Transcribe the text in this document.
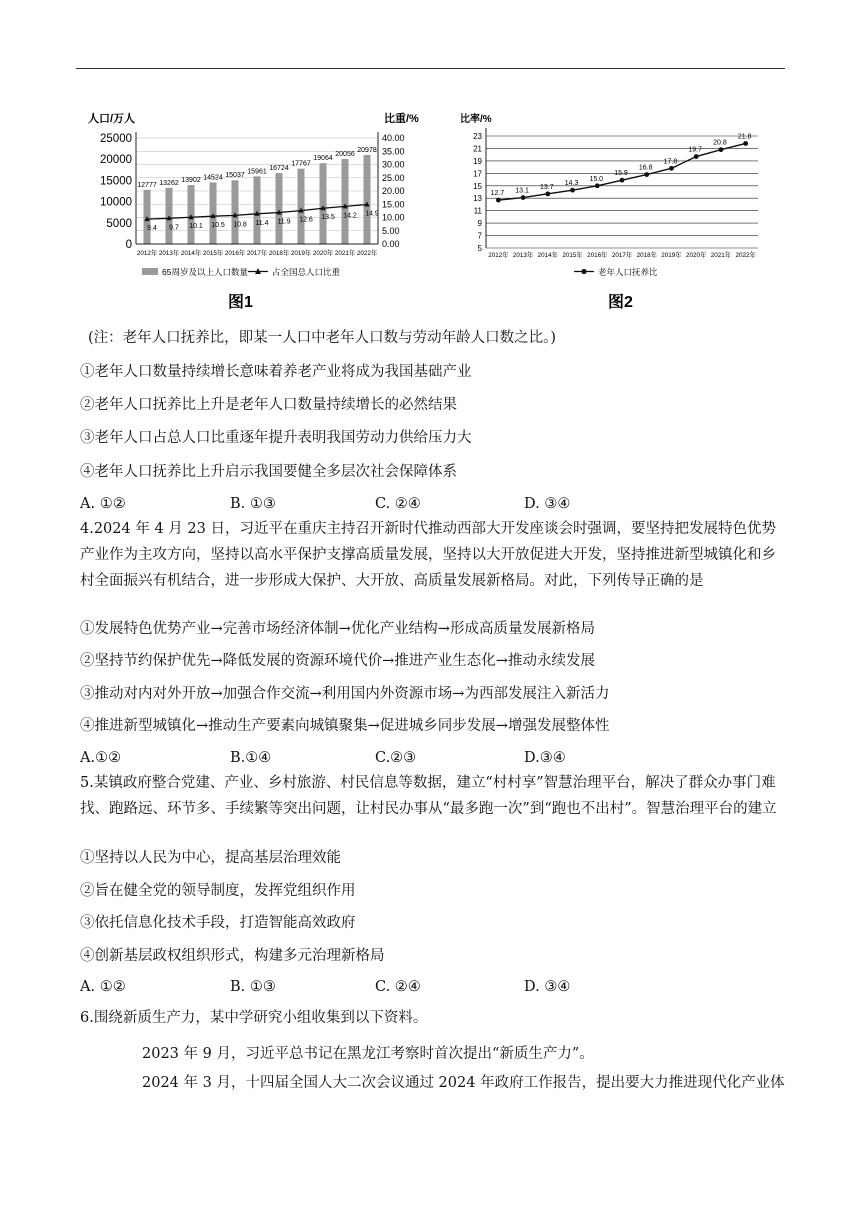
人口/万人	比重/%
12777
2012年
13262
2013年
13902
2014年
14524
2015年
15037
2016年
15961
2017年
16724
2018年
17767
2019年
19064
2020年
20056
2021年
20978
2022年
9.4 9.7 10.1 10.5 10.8 11.4 11.9 12.6 13.5 14.2 14.9
0
5000
10000
15000
20000
25000
0.00
5.00
10.00
15.00
20.00
25.00
30.00
35.00
40.00
65周岁及以上人口数量	占全国总人口比重
图1
比率/%
12.7
2012年
13.1
2013年
13.7
2014年
14.3
2015年
15.0
2016年
15.9
2017年
16.8
2018年
17.8
2019年
19.7
2020年
20.8
2021年
21.8
2022年
5
7
9
11
13
15
17
19
21
23
老年人口抚养比
图2
(注：老年人口抚养比，即某一人口中老年人口数与劳动年龄人口数之比。)
①老年人口数量持续增长意味着养老产业将成为我国基础产业
②老年人口抚养比上升是老年人口数量持续增长的必然结果
③老年人口占总人口比重逐年提升表明我国劳动力供给压力大
④老年人口抚养比上升启示我国要健全多层次社会保障体系
A. ①②	B. ①③	C. ②④	D. ③④
4.2024 年 4 月 23 日，习近平在重庆主持召开新时代推动西部大开发座谈会时强调，要坚持把发展特色优势产业作为主攻方向，坚持以高水平保护支撑高质量发展，坚持以大开放促进大开发，坚持推进新型城镇化和乡村全面振兴有机结合，进一步形成大保护、大开放、高质量发展新格局。对此，下列传导正确的是
①发展特色优势产业→完善市场经济体制→优化产业结构→形成高质量发展新格局
②坚持节约保护优先→降低发展的资源环境代价→推进产业生态化→推动永续发展
③推动对内对外开放→加强合作交流→利用国内外资源市场→为西部发展注入新活力
④推进新型城镇化→推动生产要素向城镇聚集→促进城乡同步发展→增强发展整体性
A.①②	B.①④	C.②③	D.③④
5.某镇政府整合党建、产业、乡村旅游、村民信息等数据，建立“村村享”智慧治理平台，解决了群众办事门难找、跑路远、环节多、手续繁等突出问题，让村民办事从“最多跑一次”到“跑也不出村”。智慧治理平台的建立
①坚持以人民为中心，提高基层治理效能
②旨在健全党的领导制度，发挥党组织作用
③依托信息化技术手段，打造智能高效政府
④创新基层政权组织形式，构建多元治理新格局
A. ①②	B. ①③	C. ②④	D. ③④
6.围绕新质生产力，某中学研究小组收集到以下资料。
2023 年 9 月，习近平总书记在黑龙江考察时首次提出“新质生产力”。
2024 年 3 月，十四届全国人大二次会议通过 2024 年政府工作报告，提出要大力推进现代化产业体
